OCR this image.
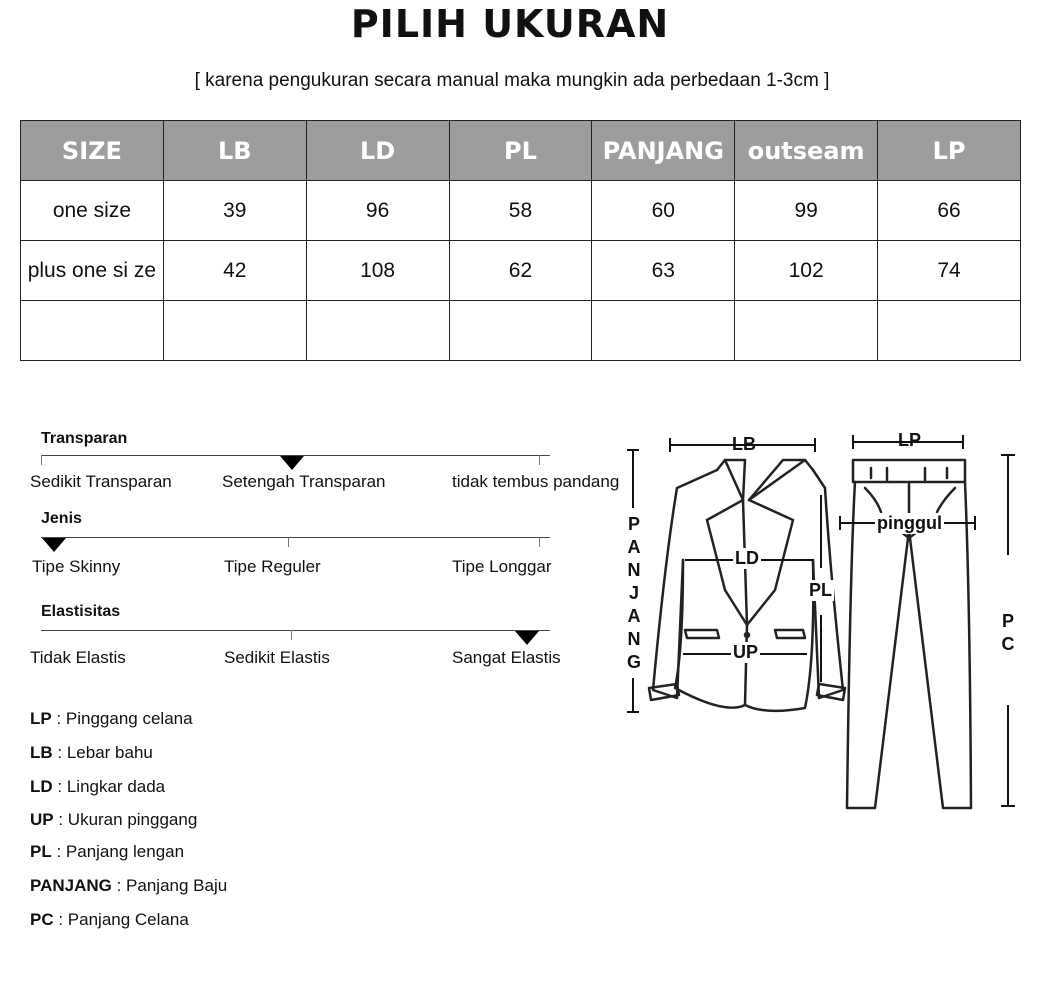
PILIH UKURAN
[ karena pengukuran secara manual maka mungkin ada perbedaan 1-3cm ]
SIZE	LB	LD	PL	PANJANG	outseam	LP
one size	39	96	58	60	99	66
plus one si ze	42	108	62	63	102	74

Transparan
Sedikit Transparan	Setengah Transparan	tidak tembus pandang
Jenis
Tipe Skinny	Tipe Reguler	Tipe Longgar
Elastisitas
Tidak Elastis	Sedikit Elastis	Sangat Elastis
LP : Pinggang celana
LB : Lebar bahu
LD : Lingkar dada
UP : Ukuran pinggang
PL : Panjang lengan
PANJANG : Panjang Baju
PC : Panjang Celana
LB	LP
LD
UP
PL
pinggul
PANJANG
PC
